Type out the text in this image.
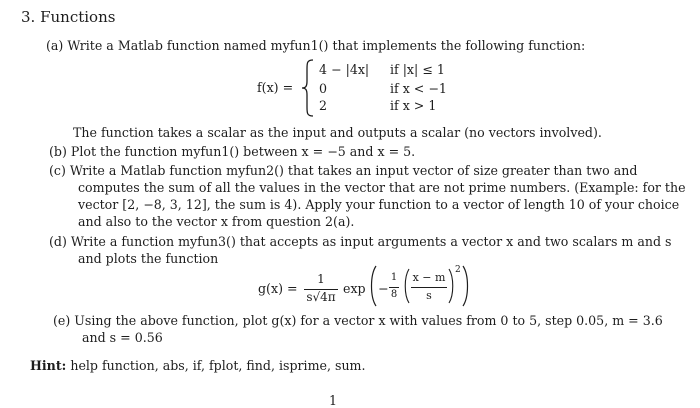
3. Functions
(a) Write a Matlab function named myfun1() that implements the following function:
f(x) =
4 − |4x| if |x| ≤ 1
0	if x < −1
2	if x > 1
The function takes a scalar as the input and outputs a scalar (no vectors involved).
(b) Plot the function myfun1() between x = −5 and x = 5.
(c) Write a Matlab function myfun2() that takes an input vector of size greater than two and
computes the sum of all the values in the vector that are not prime numbers. (Example: for the
vector [2, −8, 3, 12], the sum is 4). Apply your function to a vector of length 10 of your choice
and also to the vector x from question 2(a).
(d) Write a function myfun3() that accepts as input arguments a vector x and two scalars m and s
and plots the function
g(x) =
1
s√4π
exp −
1
8
x − m
s
2
(e) Using the above function, plot g(x) for a vector x with values from 0 to 5, step 0.05, m = 3.6
and s = 0.56
Hint: help function, abs, if, fplot, find, isprime, sum.
1
